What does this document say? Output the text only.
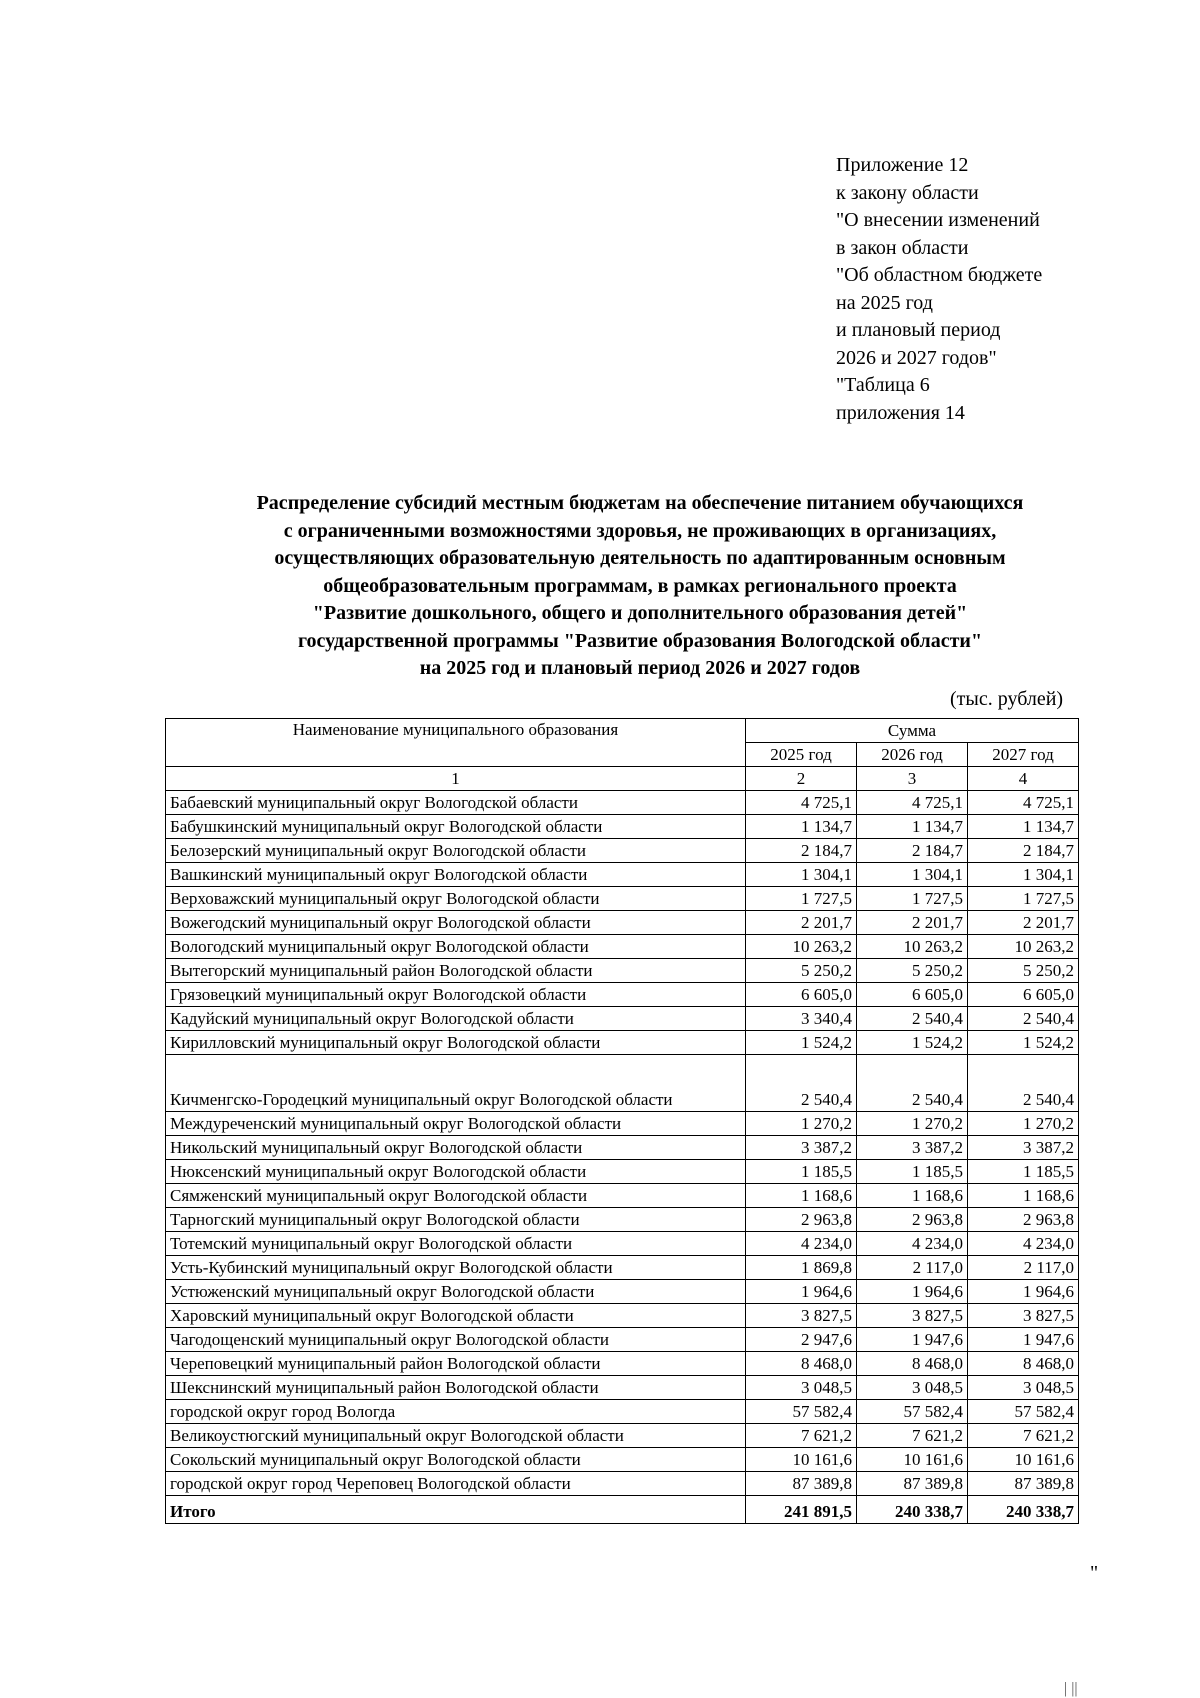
Приложение 12
к закону области
"О внесении изменений
в закон области
"Об областном бюджете
на 2025 год
и плановый период
2026 и 2027 годов"
"Таблица 6
приложения 14
Распределение субсидий местным бюджетам на обеспечение питанием обучающихся
с ограниченными возможностями здоровья, не проживающих в организациях,
осуществляющих образовательную деятельность по адаптированным основным
общеобразовательным программам, в рамках регионального проекта
"Развитие дошкольного, общего и дополнительного образования детей"
государственной программы "Развитие образования Вологодской области"
на 2025 год и плановый период 2026 и 2027 годов
(тыс. рублей)
Наименование муниципального образования	Сумма		
	2025 год	2026 год	2027 год
1	2	3	4
Бабаевский муниципальный округ Вологодской области	4 725,1	4 725,1	4 725,1
Бабушкинский муниципальный округ Вологодской области	1 134,7	1 134,7	1 134,7
Белозерский муниципальный округ Вологодской области	2 184,7	2 184,7	2 184,7
Вашкинский муниципальный округ Вологодской области	1 304,1	1 304,1	1 304,1
Верховажский муниципальный округ Вологодской области	1 727,5	1 727,5	1 727,5
Вожегодский муниципальный округ Вологодской области	2 201,7	2 201,7	2 201,7
Вологодский муниципальный округ Вологодской области	10 263,2	10 263,2	10 263,2
Вытегорский муниципальный район Вологодской области	5 250,2	5 250,2	5 250,2
Грязовецкий муниципальный округ Вологодской области	6 605,0	6 605,0	6 605,0
Кадуйский муниципальный округ Вологодской области	3 340,4	2 540,4	2 540,4
Кирилловский муниципальный округ Вологодской области	1 524,2	1 524,2	1 524,2
Кичменгско-Городецкий муниципальный округ Вологодской области	2 540,4	2 540,4	2 540,4
Междуреченский муниципальный округ Вологодской области	1 270,2	1 270,2	1 270,2
Никольский муниципальный округ Вологодской области	3 387,2	3 387,2	3 387,2
Нюксенский муниципальный округ Вологодской области	1 185,5	1 185,5	1 185,5
Сямженский муниципальный округ Вологодской области	1 168,6	1 168,6	1 168,6
Тарногский муниципальный округ Вологодской области	2 963,8	2 963,8	2 963,8
Тотемский муниципальный округ Вологодской области	4 234,0	4 234,0	4 234,0
Усть-Кубинский муниципальный округ Вологодской области	1 869,8	2 117,0	2 117,0
Устюженский муниципальный округ Вологодской области	1 964,6	1 964,6	1 964,6
Харовский муниципальный округ Вологодской области	3 827,5	3 827,5	3 827,5
Чагодощенский муниципальный округ Вологодской области	2 947,6	1 947,6	1 947,6
Череповецкий муниципальный район Вологодской области	8 468,0	8 468,0	8 468,0
Шекснинский муниципальный район Вологодской области	3 048,5	3 048,5	3 048,5
городской округ город Вологда	57 582,4	57 582,4	57 582,4
Великоустюгский муниципальный округ Вологодской области	7 621,2	7 621,2	7 621,2
Сокольский муниципальный округ Вологодской области	10 161,6	10 161,6	10 161,6
городской округ город Череповец Вологодской области	87 389,8	87 389,8	87 389,8
Итого	241 891,5	240 338,7	240 338,7
"
| ||
